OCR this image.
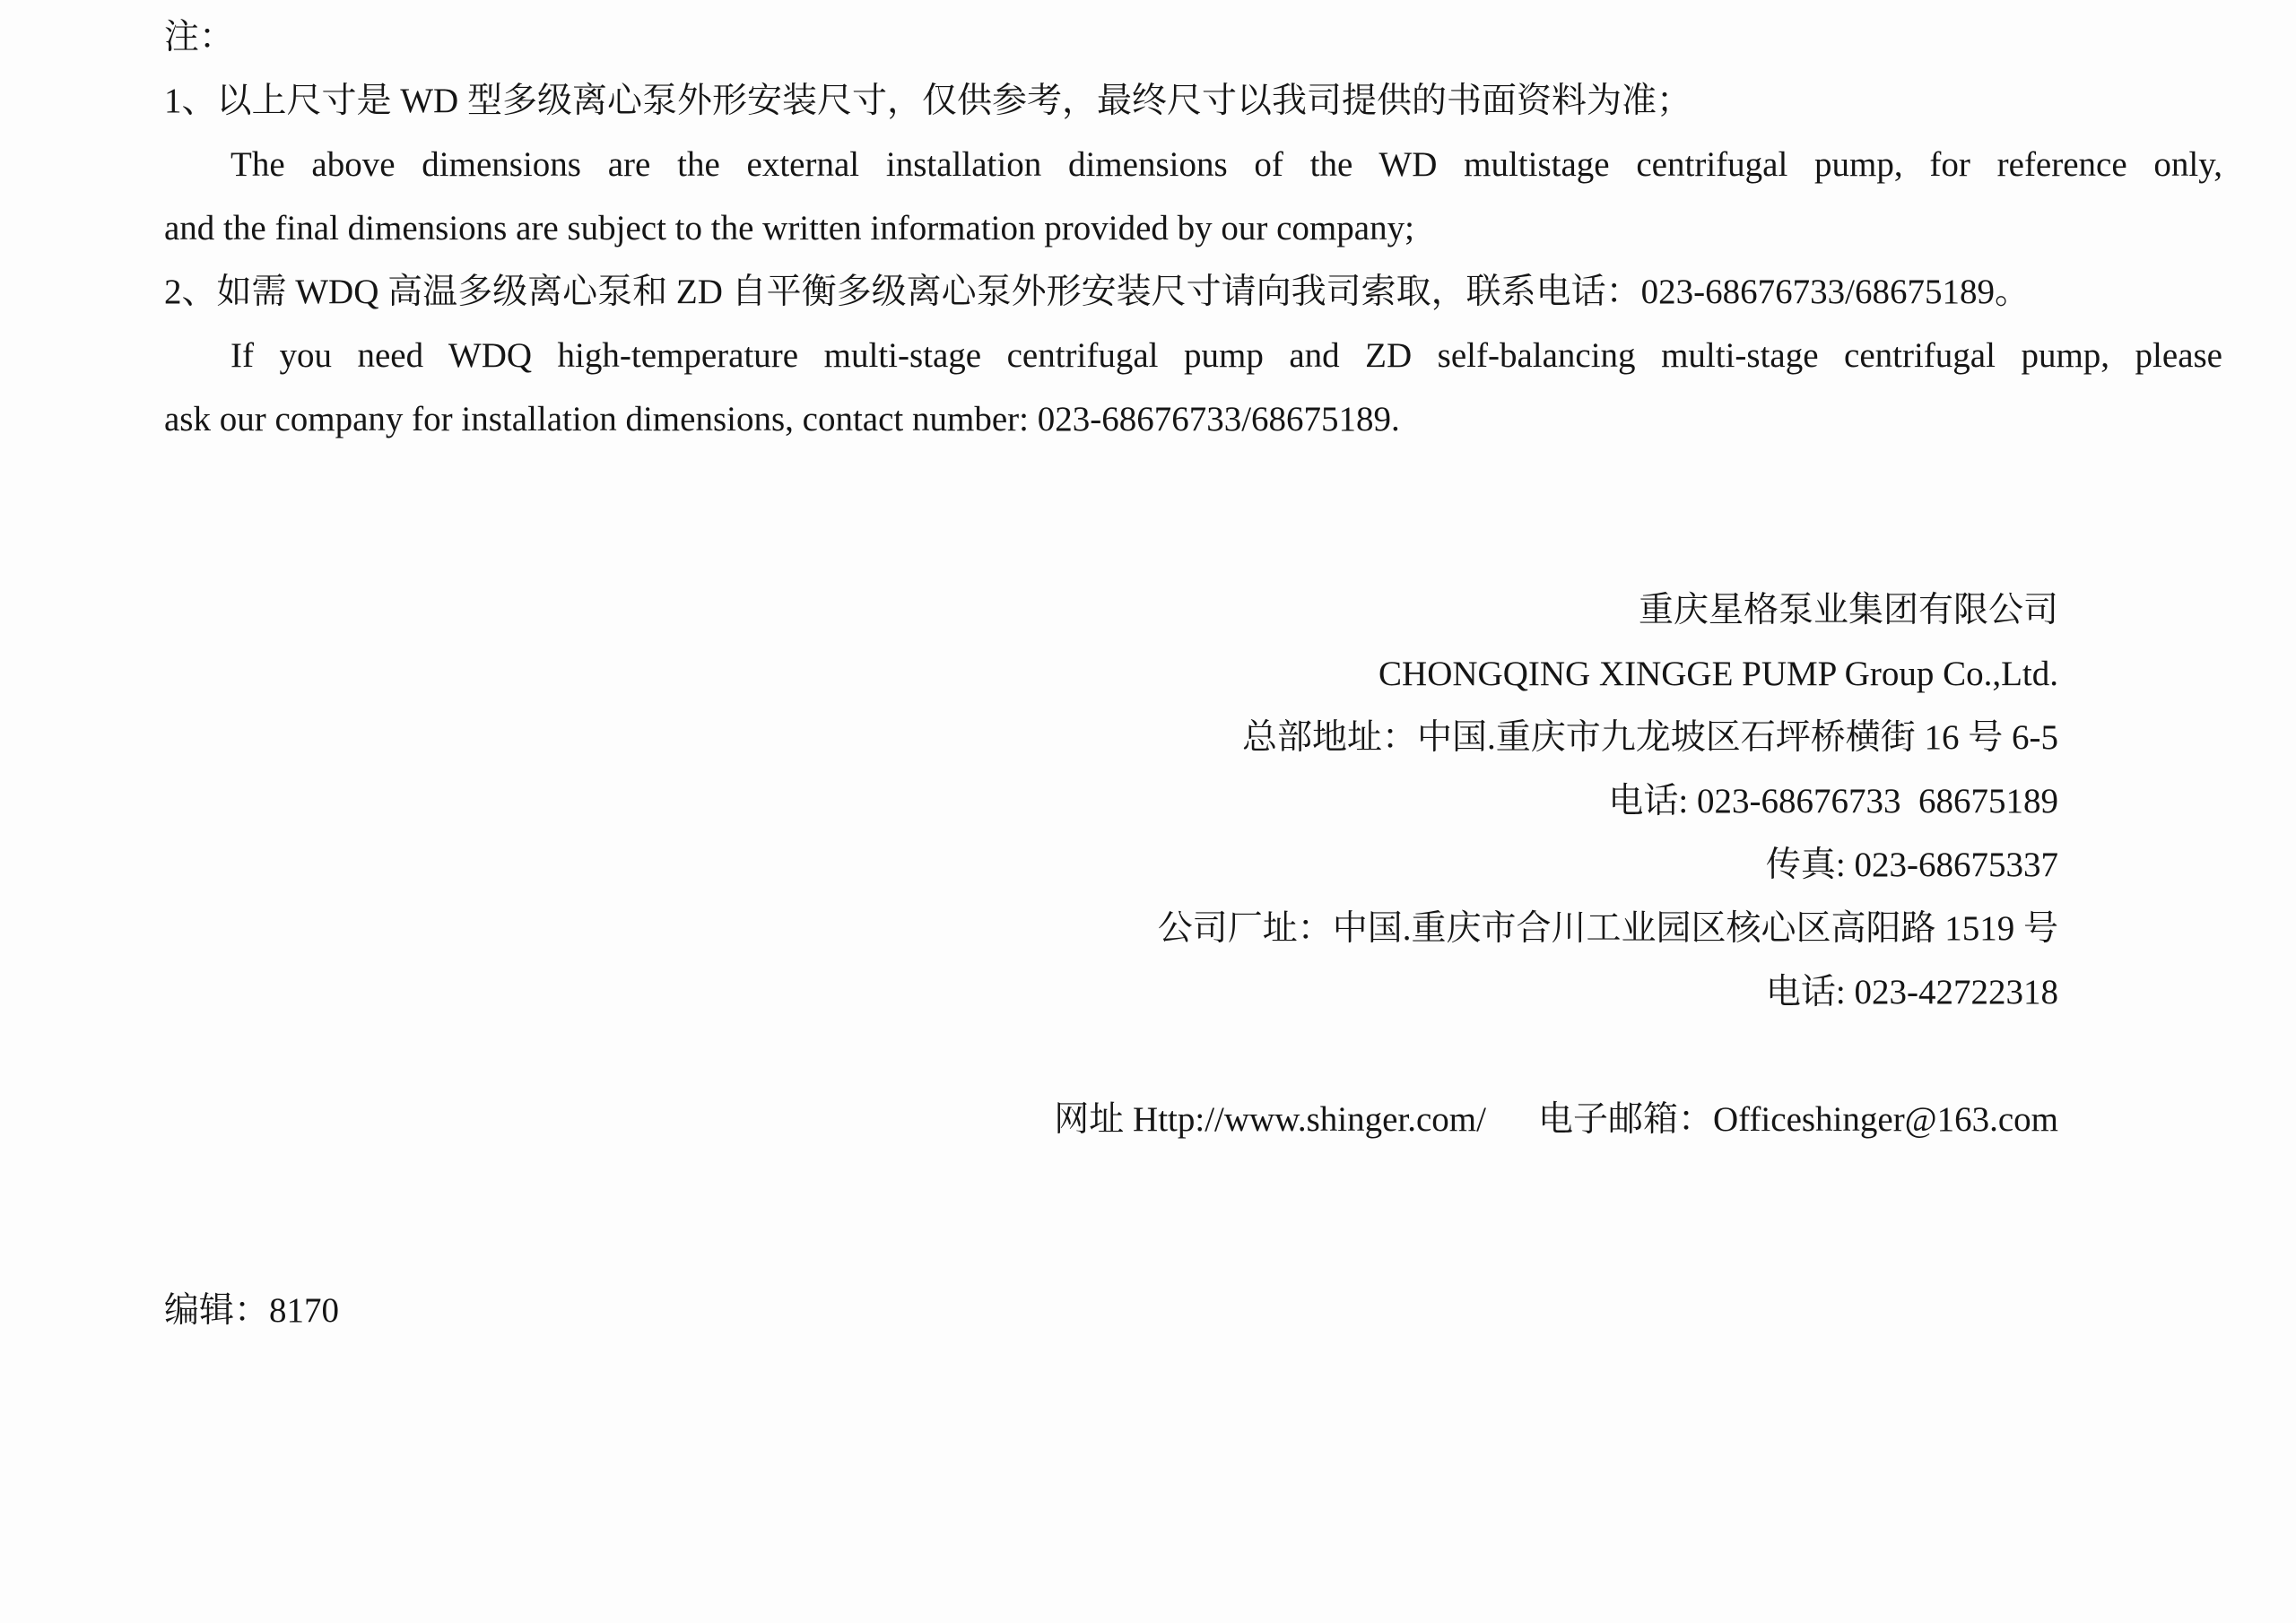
注：

1、以上尺寸是 WD 型多级离心泵外形安装尺寸，仅供参考，最终尺寸以我司提供的书面资料为准；

The above dimensions are the external installation dimensions of the WD multistage centrifugal pump, for reference only,

and the final dimensions are subject to the written information provided by our company;

2、如需 WDQ 高温多级离心泵和 ZD 自平衡多级离心泵外形安装尺寸请向我司索取，联系电话：023-68676733/68675189。

If you need WDQ high-temperature multi-stage centrifugal pump and ZD self-balancing multi-stage centrifugal pump, please

ask our company for installation dimensions, contact number: 023-68676733/68675189.

重庆星格泵业集团有限公司

CHONGQING XINGGE PUMP Group Co.,Ltd.

总部地址：中国.重庆市九龙坡区石坪桥横街 16 号 6-5

电话: 023-68676733  68675189

传真: 023-68675337

公司厂址：中国.重庆市合川工业园区核心区高阳路 1519 号

电话: 023-42722318

网址 Http://www.shinger.com/ 电子邮箱：Officeshinger@163.com

编辑：8170
